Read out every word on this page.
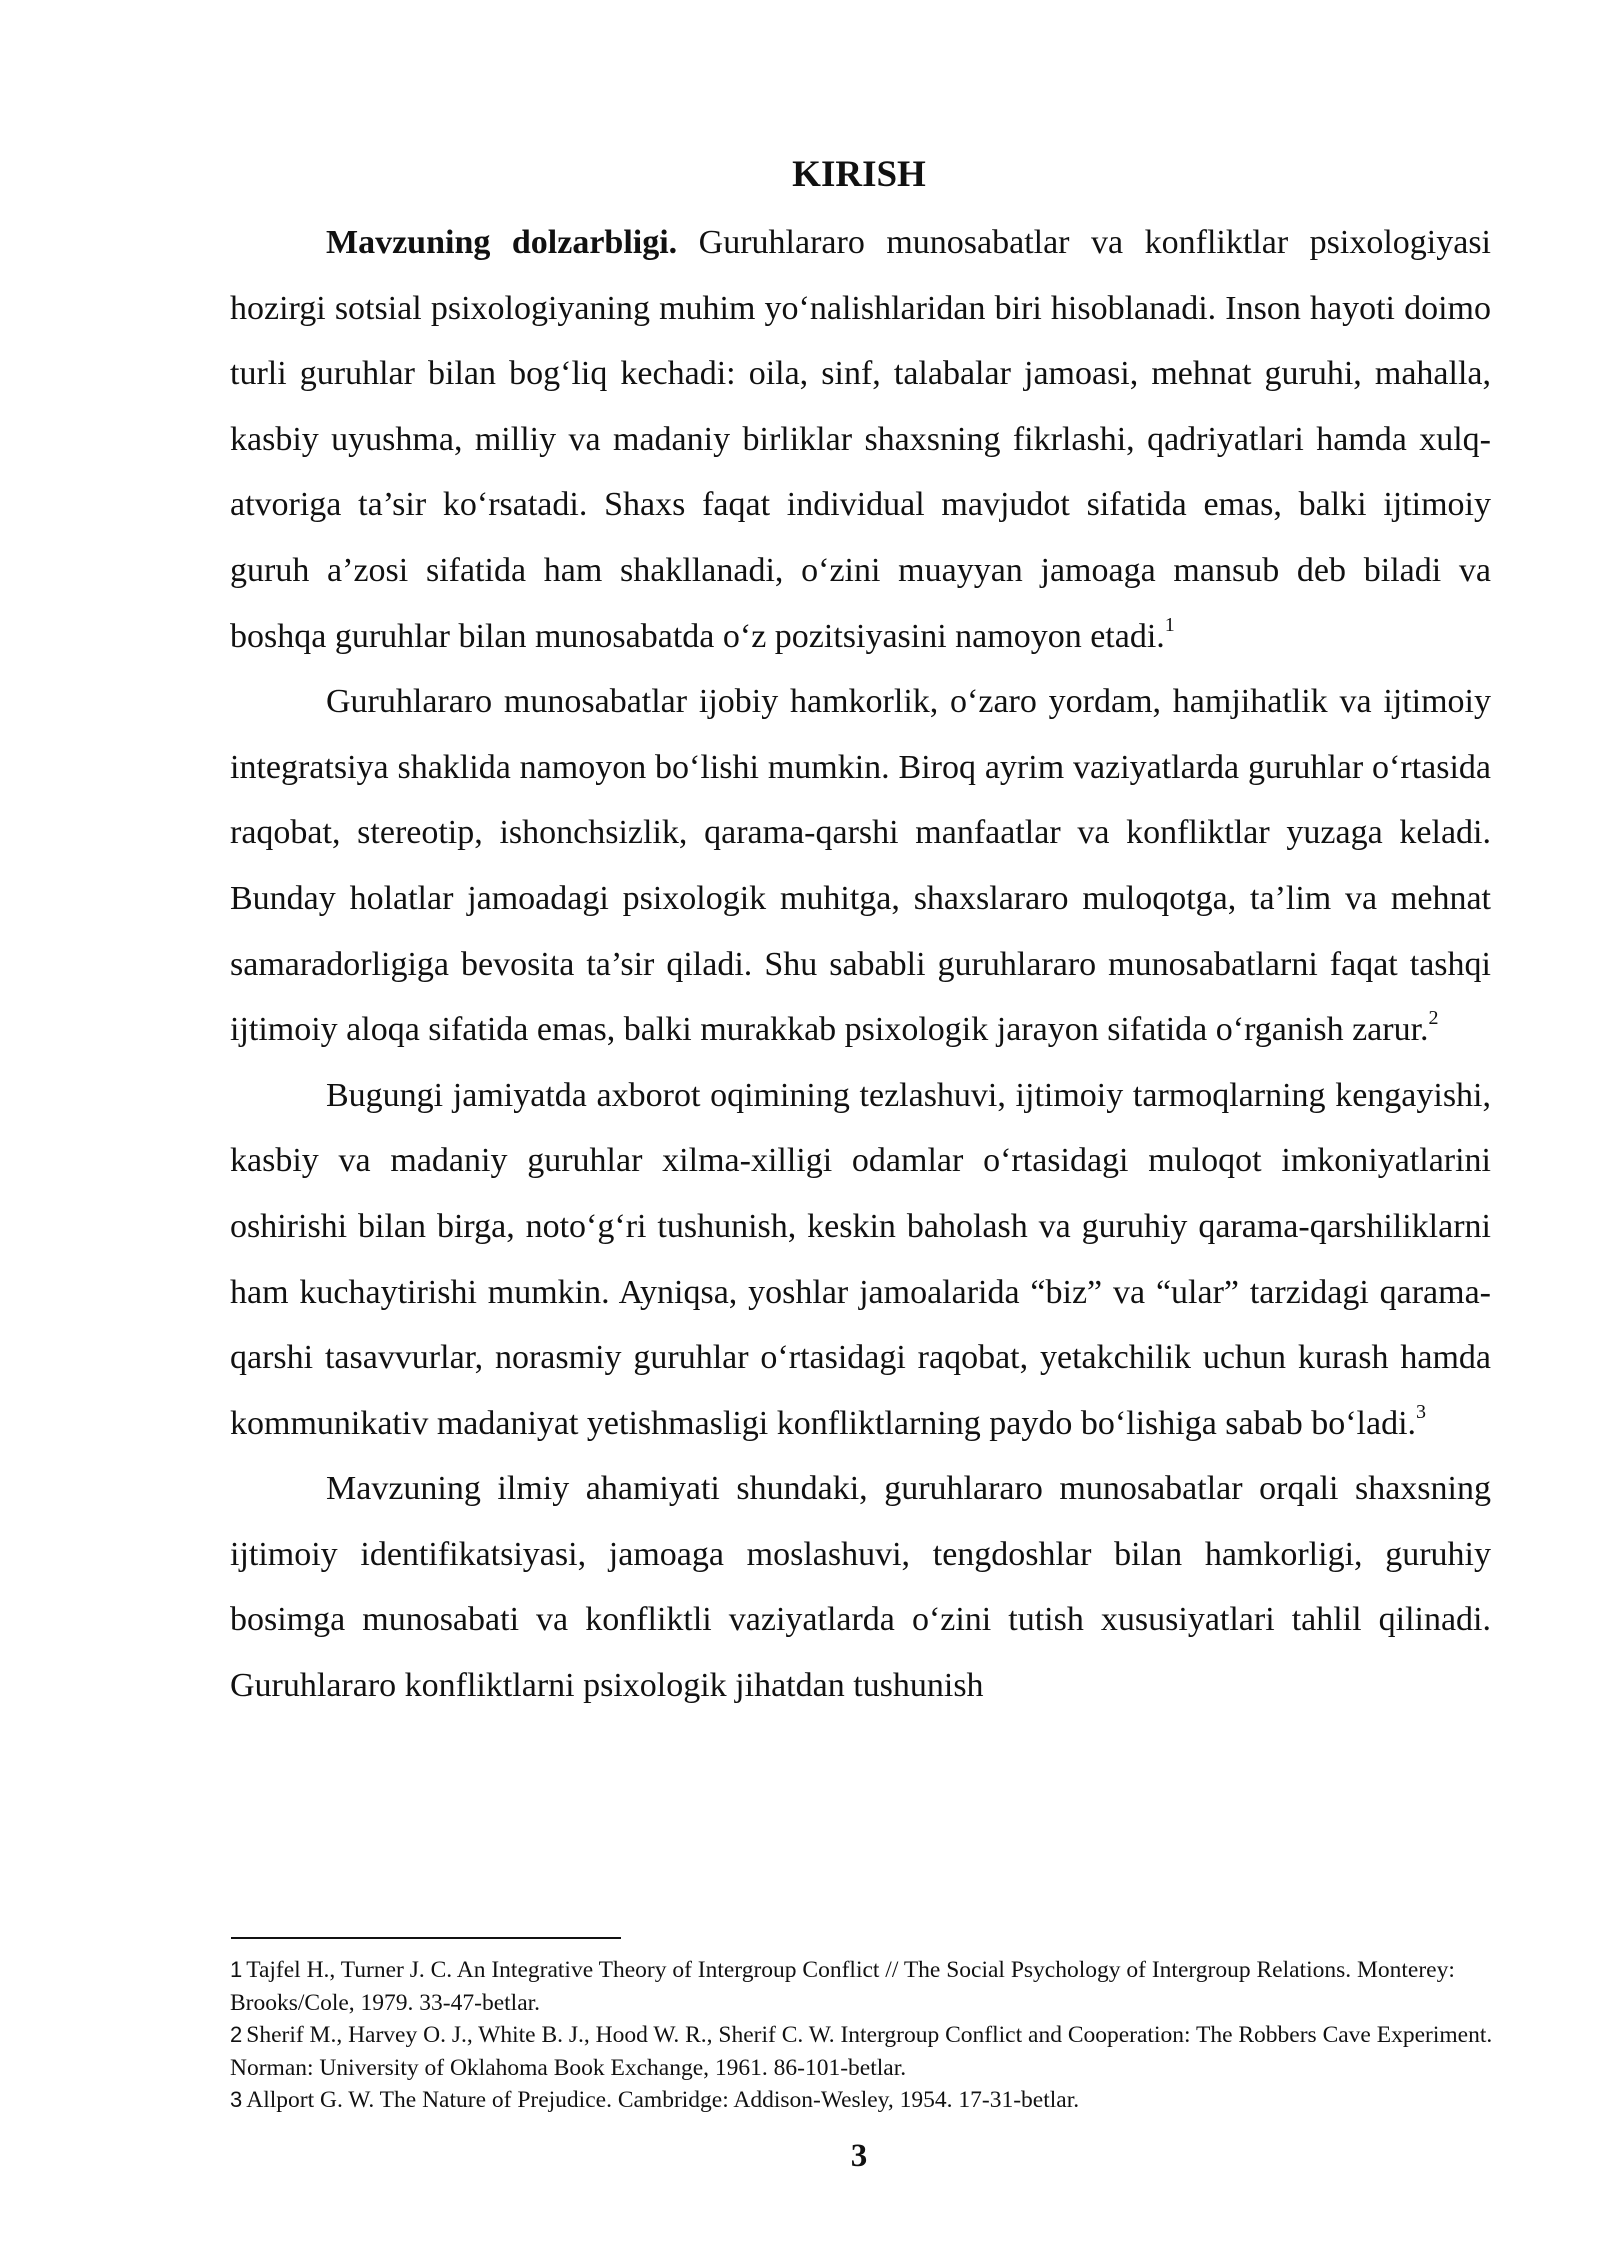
KIRISH

Mavzuning dolzarbligi. Guruhlararo munosabatlar va konfliktlar psixologiyasi hozirgi sotsial psixologiyaning muhim yo‘nalishlaridan biri hisoblanadi. Inson hayoti doimo turli guruhlar bilan bog‘liq kechadi: oila, sinf, talabalar jamoasi, mehnat guruhi, mahalla, kasbiy uyushma, milliy va madaniy birliklar shaxsning fikrlashi, qadriyatlari hamda xulq-atvoriga ta’sir ko‘rsatadi. Shaxs faqat individual mavjudot sifatida emas, balki ijtimoiy guruh a’zosi sifatida ham shakllanadi, o‘zini muayyan jamoaga mansub deb biladi va boshqa guruhlar bilan munosabatda o‘z pozitsiyasini namoyon etadi.$^1$

Guruhlararo munosabatlar ijobiy hamkorlik, o‘zaro yordam, hamjihatlik va ijtimoiy integratsiya shaklida namoyon bo‘lishi mumkin. Biroq ayrim vaziyatlarda guruhlar o‘rtasida raqobat, stereotip, ishonchsizlik, qarama-qarshi manfaatlar va konfliktlar yuzaga keladi. Bunday holatlar jamoadagi psixologik muhitga, shaxslararo muloqotga, ta’lim va mehnat samaradorligiga bevosita ta’sir qiladi. Shu sababli guruhlararo munosabatlarni faqat tashqi ijtimoiy aloqa sifatida emas, balki murakkab psixologik jarayon sifatida o‘rganish zarur.$^2$

Bugungi jamiyatda axborot oqimining tezlashuvi, ijtimoiy tarmoqlarning kengayishi, kasbiy va madaniy guruhlar xilma-xilligi odamlar o‘rtasidagi muloqot imkoniyatlarini oshirishi bilan birga, noto‘g‘ri tushunish, keskin baholash va guruhiy qarama-qarshiliklarni ham kuchaytirishi mumkin. Ayniqsa, yoshlar jamoalarida “biz” va “ular” tarzidagi qarama-qarshi tasavvurlar, norasmiy guruhlar o‘rtasidagi raqobat, yetakchilik uchun kurash hamda kommunikativ madaniyat yetishmasligi konfliktlarning paydo bo‘lishiga sabab bo‘ladi.$^3$

Mavzuning ilmiy ahamiyati shundaki, guruhlararo munosabatlar orqali shaxsning ijtimoiy identifikatsiyasi, jamoaga moslashuvi, tengdoshlar bilan hamkorligi, guruhiy bosimga munosabati va konfliktli vaziyatlarda o‘zini tutish xususiyatlari tahlil qilinadi. Guruhlararo konfliktlarni psixologik jihatdan tushunish

1 Tajfel H., Turner J. C. An Integrative Theory of Intergroup Conflict // The Social Psychology of Intergroup Relations. Monterey: Brooks/Cole, 1979. 33-47-betlar.

2 Sherif M., Harvey O. J., White B. J., Hood W. R., Sherif C. W. Intergroup Conflict and Cooperation: The Robbers Cave Experiment. Norman: University of Oklahoma Book Exchange, 1961. 86-101-betlar.

3 Allport G. W. The Nature of Prejudice. Cambridge: Addison-Wesley, 1954. 17-31-betlar.

3
